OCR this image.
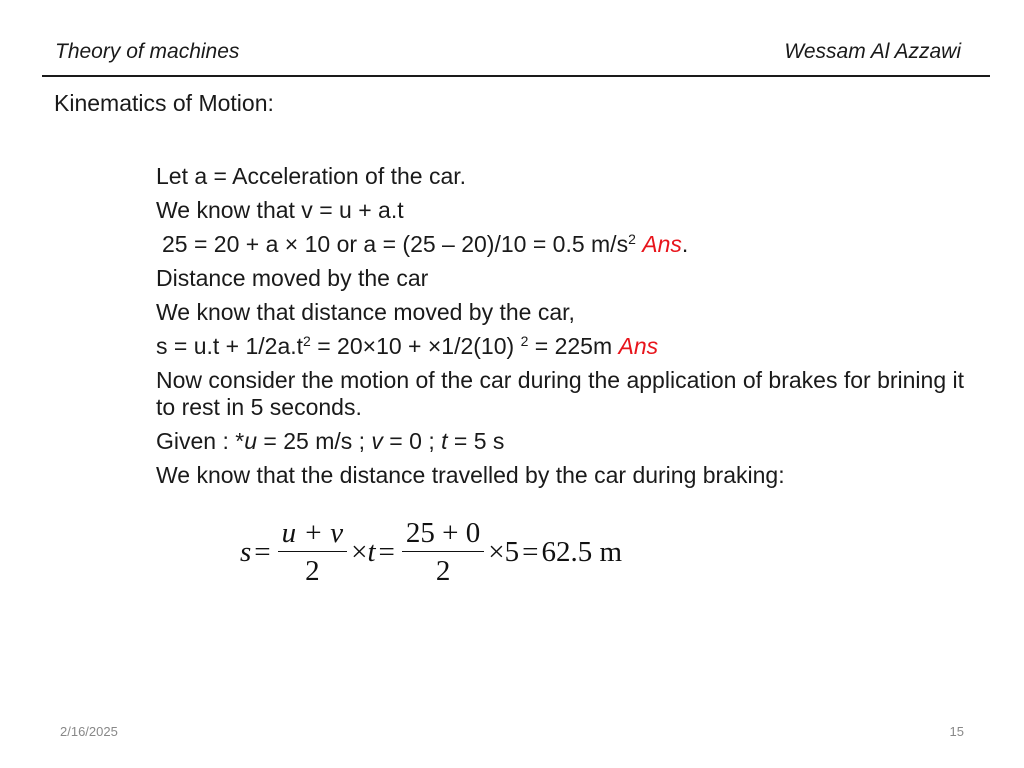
Theory of machines	Wessam Al Azzawi
Kinematics of Motion:
Let a = Acceleration of the car.
We know that v = u + a.t
25 = 20 + a × 10 or a = (25 – 20)/10 = 0.5 $m/s^2$ Ans.
Distance moved by the car
We know that distance moved by the car,
$s = u.t + 1/2a.t^2 = 20\times 10 + \times 1/2(10) ^2 = 225m$ Ans
Now consider the motion of the car during the application of brakes for brining it to rest in 5 seconds.
Given : *u = 25 m/s ; v = 0 ; t = 5 s
We know that the distance travelled by the car during braking:
$s = \frac{u + v}{2} \times t = \frac{25 + 0}{2} \times 5 = 62.5$ m
2/16/2025	15
